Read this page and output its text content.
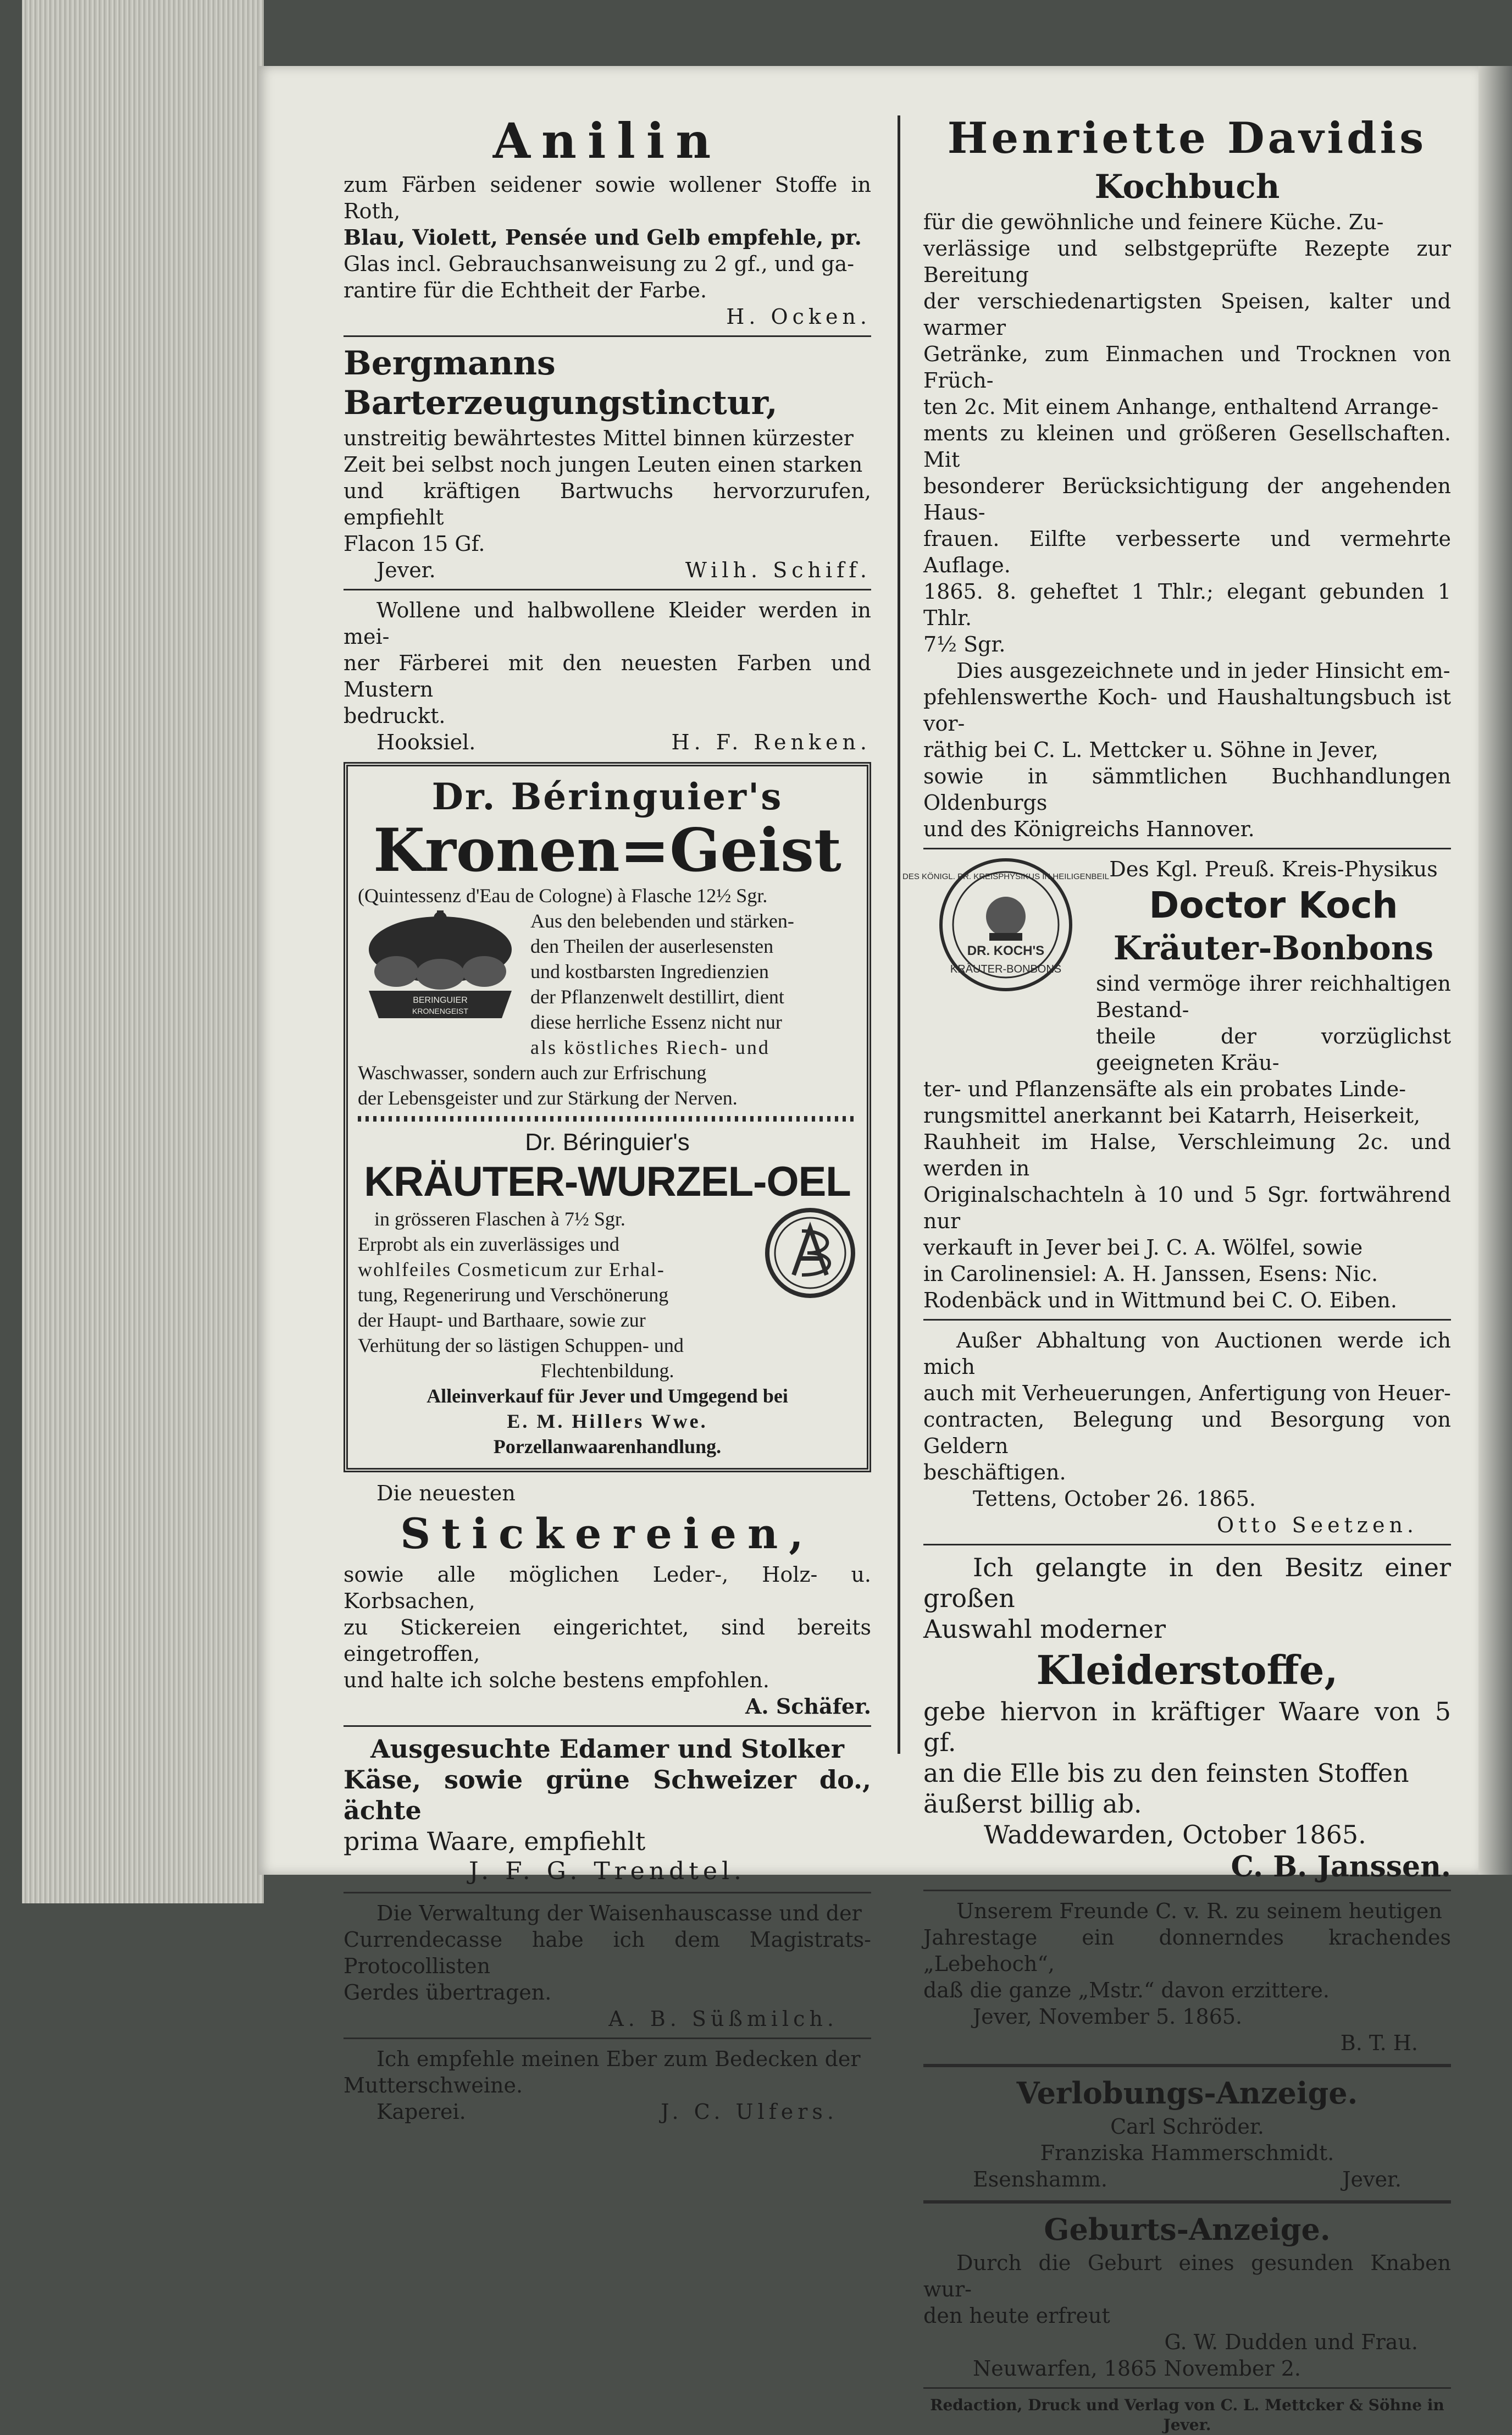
Anilin

zum Färben seidener sowie wollener Stoffe in Roth,

Blau, Violett, Pensée und Gelb empfehle, pr.

Glas incl. Gebrauchsanweisung zu 2 gf., und ga-

rantire für die Echtheit der Farbe.

H. Ocken.

Bergmanns Barterzeugungstinctur,

unstreitig bewährtestes Mittel binnen kürzester

Zeit bei selbst noch jungen Leuten einen starken

und kräftigen Bartwuchs hervorzurufen, empfiehlt

Flacon 15 Gf.

Jever.	Wilh. Schiff.

Wollene und halbwollene Kleider werden in mei-

ner Färberei mit den neuesten Farben und Mustern

bedruckt.

Hooksiel.	H. F. Renken.
Dr. Béringuier's
Kronen=Geist

(Quintessenz d'Eau de Cologne) à Flasche 12½ Sgr.

BERINGUIER
KRONENGEIST

Aus den belebenden und stärken-

den Theilen der auserlesensten

und kostbarsten Ingredienzien

der Pflanzenwelt destillirt, dient

diese herrliche Essenz nicht nur

als köstliches Riech- und

Waschwasser, sondern auch zur Erfrischung

der Lebensgeister und zur Stärkung der Nerven.

Dr. Béringuier's
KRÄUTER-WURZEL-OEL

in grösseren Flaschen à 7½ Sgr.

Erprobt als ein zuverlässiges und

wohlfeiles Cosmeticum zur Erhal-

tung, Regenerirung und Verschönerung

der Haupt- und Barthaare, sowie zur

Verhütung der so lästigen Schuppen- und

Flechtenbildung.

Alleinverkauf für Jever und Umgegend bei

E. M. Hillers Wwe.

Porzellanwaarenhandlung.

Die neuesten

Stickereien,

sowie alle möglichen Leder-, Holz- u. Korbsachen,

zu Stickereien eingerichtet, sind bereits eingetroffen,

und halte ich solche bestens empfohlen.

A. Schäfer.

Ausgesuchte Edamer und Stolker

Käse, sowie grüne Schweizer do., ächte

prima Waare, empfiehlt

J. F. G. Trendtel.

Die Verwaltung der Waisenhauscasse und der

Currendecasse habe ich dem Magistrats-Protocollisten

Gerdes übertragen.

A. B. Süßmilch.

Ich empfehle meinen Eber zum Bedecken der

Mutterschweine.

Kaperei.	J. C. Ulfers.
Henriette Davidis
Kochbuch

für die gewöhnliche und feinere Küche. Zu-

verlässige und selbstgeprüfte Rezepte zur Bereitung

der verschiedenartigsten Speisen, kalter und warmer

Getränke, zum Einmachen und Trocknen von Früch-

ten 2c. Mit einem Anhange, enthaltend Arrange-

ments zu kleinen und größeren Gesellschaften. Mit

besonderer Berücksichtigung der angehenden Haus-

frauen. Eilfte verbesserte und vermehrte Auflage.

1865. 8. geheftet 1 Thlr.; elegant gebunden 1 Thlr.

7½ Sgr.

Dies ausgezeichnete und in jeder Hinsicht em-

pfehlenswerthe Koch- und Haushaltungsbuch ist vor-

räthig bei C. L. Mettcker u. Söhne in Jever,

sowie in sämmtlichen Buchhandlungen Oldenburgs

und des Königreichs Hannover.

DES KÖNIGL. PR. KREISPHYSIKUS IN HEILIGENBEIL
DR. KOCH'S
KRÄUTER-BONBONS

Des Kgl. Preuß. Kreis-Physikus

Doctor Koch
Kräuter-Bonbons

sind vermöge ihrer reichhaltigen Bestand-

theile der vorzüglichst geeigneten Kräu-

ter- und Pflanzensäfte als ein probates Linde-

rungsmittel anerkannt bei Katarrh, Heiserkeit,

Rauhheit im Halse, Verschleimung 2c. und werden in

Originalschachteln à 10 und 5 Sgr. fortwährend nur

verkauft in Jever bei J. C. A. Wölfel, sowie

in Carolinensiel: A. H. Janssen, Esens: Nic.

Rodenbäck und in Wittmund bei C. O. Eiben.

Außer Abhaltung von Auctionen werde ich mich

auch mit Verheuerungen, Anfertigung von Heuer-

contracten, Belegung und Besorgung von Geldern

beschäftigen.

Tettens, October 26. 1865.

Otto Seetzen.

Ich gelangte in den Besitz einer großen

Auswahl moderner

Kleiderstoffe,

gebe hiervon in kräftiger Waare von 5 gf.

an die Elle bis zu den feinsten Stoffen

äußerst billig ab.

Waddewarden, October 1865.

C. B. Janssen.

Unserem Freunde C. v. R. zu seinem heutigen

Jahrestage ein donnerndes krachendes „Lebehoch“,

daß die ganze „Mstr.“ davon erzittere.

Jever, November 5. 1865.

B. T. H.

Verlobungs-Anzeige.

Carl Schröder.

Franziska Hammerschmidt.

Esenshamm.	Jever.
Geburts-Anzeige.

Durch die Geburt eines gesunden Knaben wur-

den heute erfreut

G. W. Dudden und Frau.

Neuwarfen, 1865 November 2.

Redaction, Druck und Verlag von C. L. Mettcker & Söhne in Jever.
